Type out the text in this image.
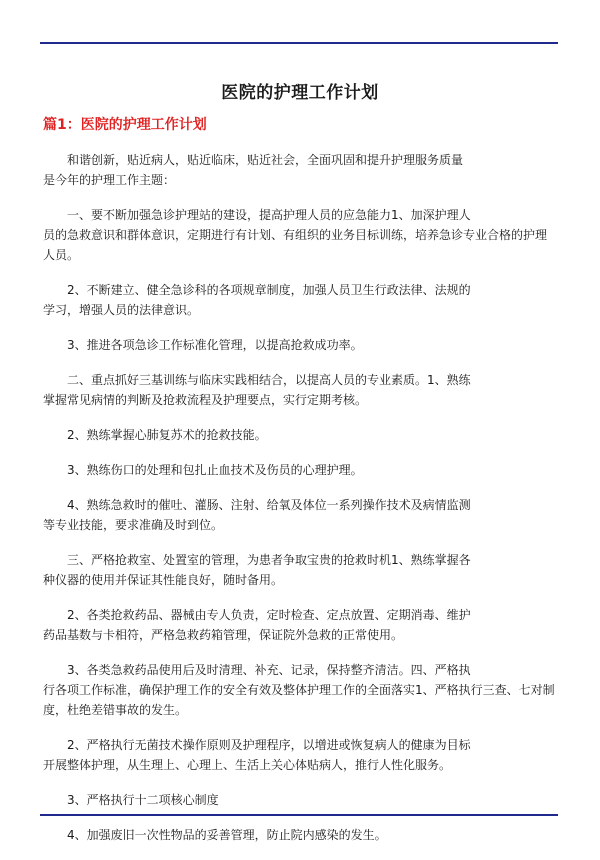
医院的护理工作计划
篇1：医院的护理工作计划

和谐创新，贴近病人，贴近临床，贴近社会，全面巩固和提升护理服务质量
是今年的护理工作主题：

一、要不断加强急诊护理站的建设，提高护理人员的应急能力1、加深护理人
员的急救意识和群体意识，定期进行有计划、有组织的业务目标训练，培养急诊专业合格的护理
人员。

2、不断建立、健全急诊科的各项规章制度，加强人员卫生行政法律、法规的
学习，增强人员的法律意识。

3、推进各项急诊工作标准化管理，以提高抢救成功率。

二、重点抓好三基训练与临床实践相结合，以提高人员的专业素质。1、熟练
掌握常见病情的判断及抢救流程及护理要点，实行定期考核。

2、熟练掌握心肺复苏术的抢救技能。

3、熟练伤口的处理和包扎止血技术及伤员的心理护理。

4、熟练急救时的催吐、灌肠、注射、给氧及体位一系列操作技术及病情监测
等专业技能，要求准确及时到位。

三、严格抢救室、处置室的管理，为患者争取宝贵的抢救时机1、熟练掌握各
种仪器的使用并保证其性能良好，随时备用。

2、各类抢救药品、器械由专人负责，定时检查、定点放置、定期消毒、维护
药品基数与卡相符，严格急救药箱管理，保证院外急救的正常使用。

3、各类急救药品使用后及时清理、补充、记录，保持整齐清洁。四、严格执
行各项工作标准，确保护理工作的安全有效及整体护理工作的全面落实1、严格执行三查、七对制
度，杜绝差错事故的发生。

2、严格执行无菌技术操作原则及护理程序，以增进或恢复病人的健康为目标
开展整体护理，从生理上、心理上、生活上关心体贴病人，推行人性化服务。

3、严格执行十二项核心制度

4、加强废旧一次性物品的妥善管理，防止院内感染的发生。
